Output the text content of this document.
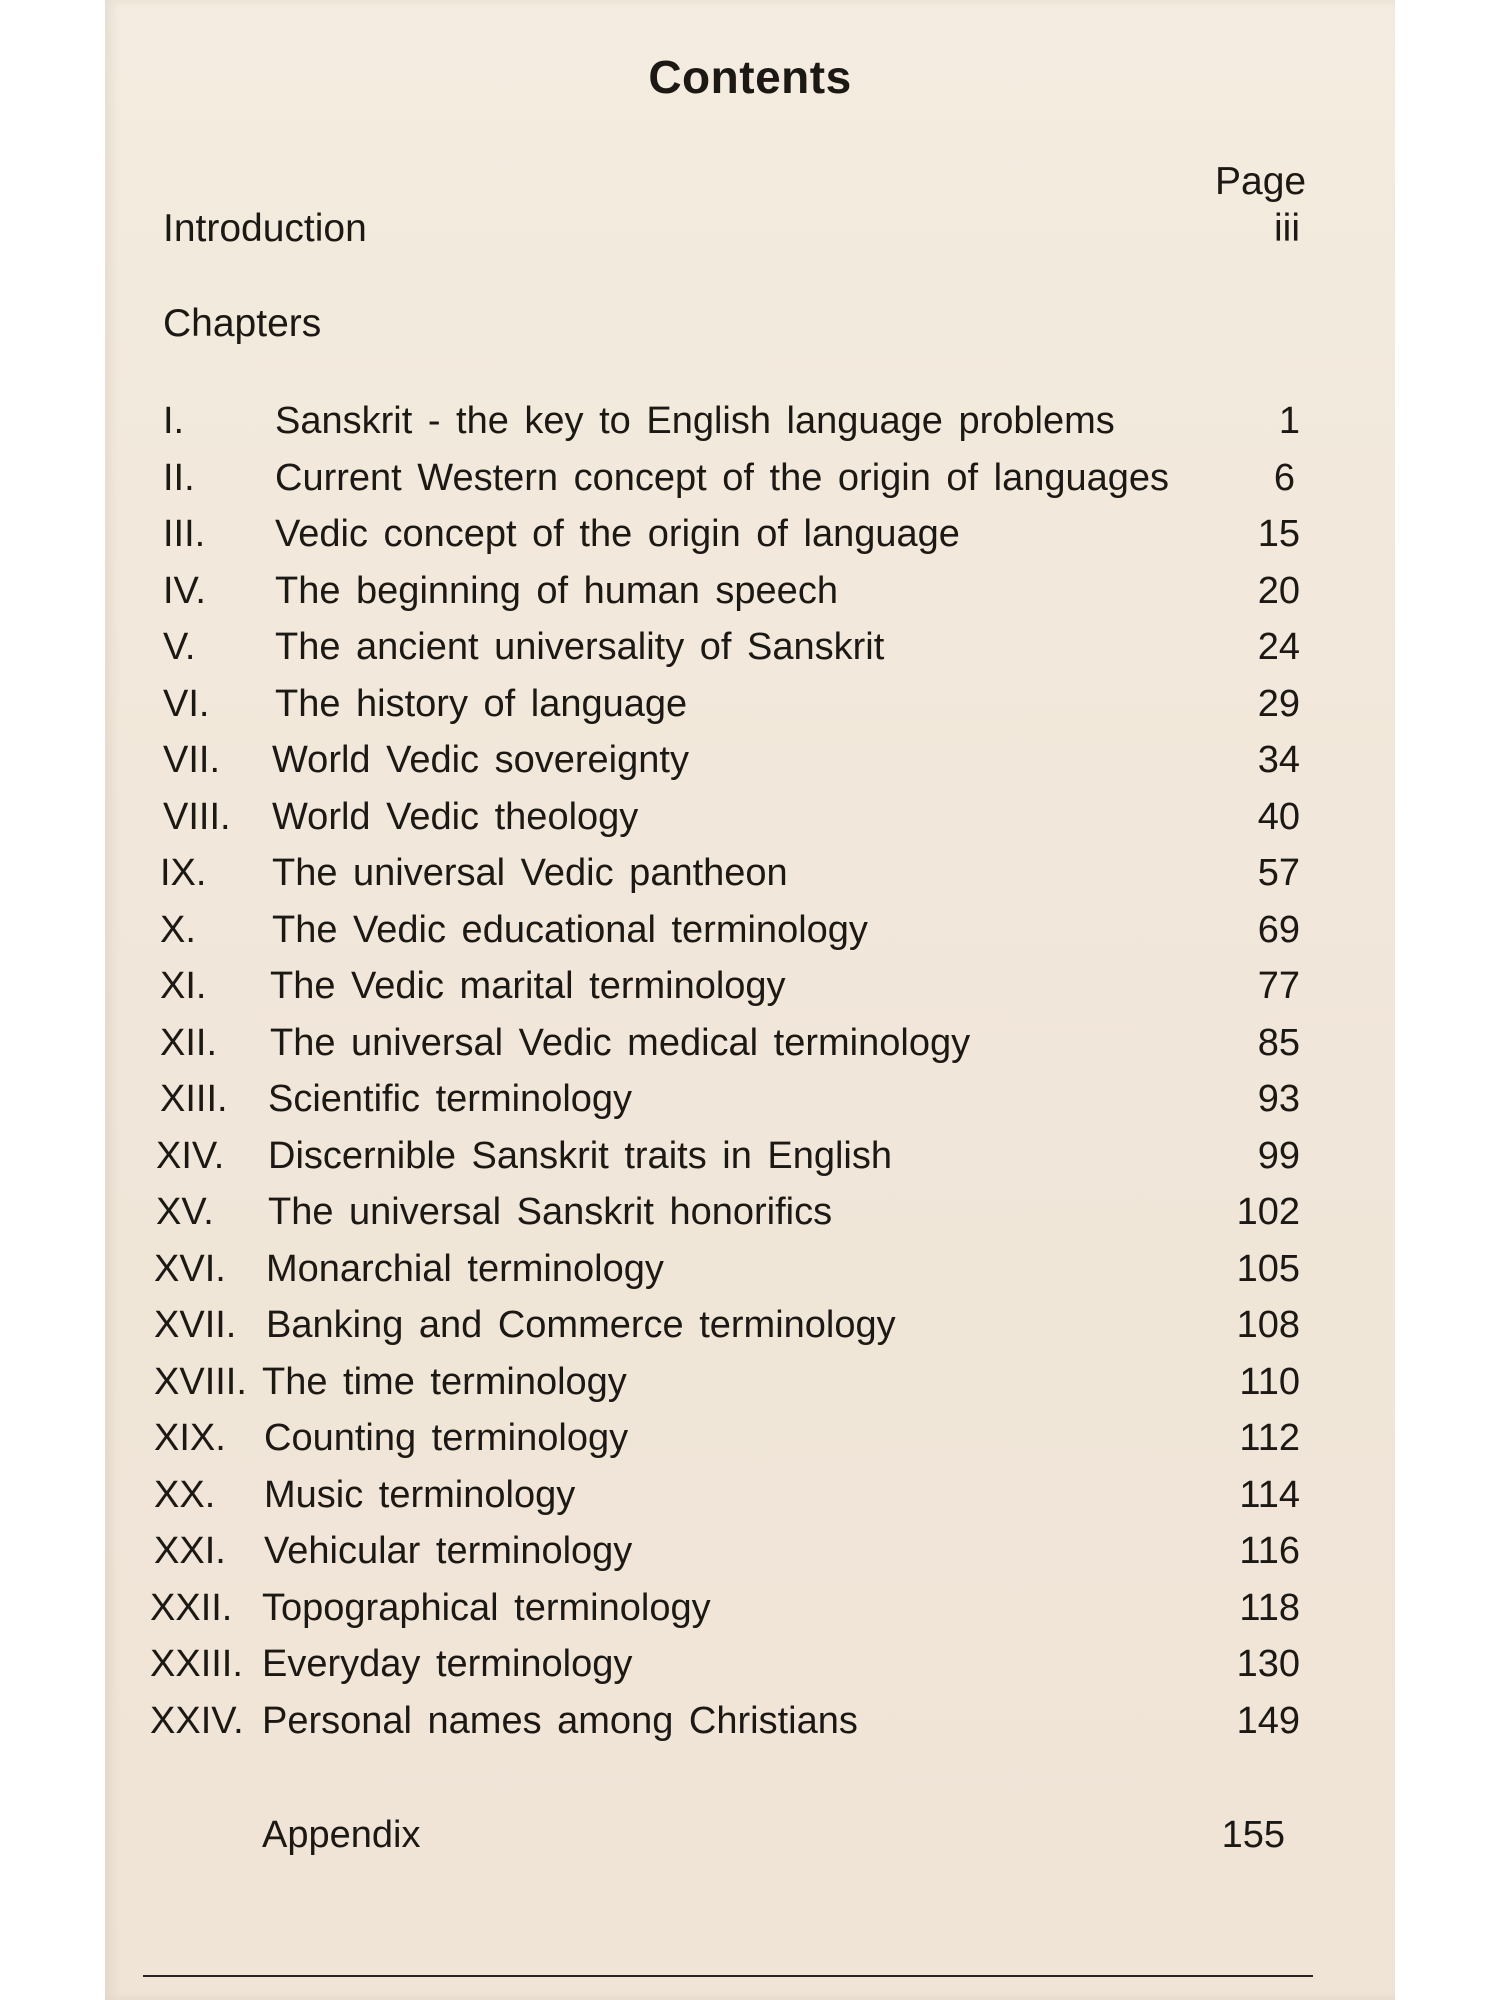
Contents
Page
Introduction	iii
Chapters
I. Sanskrit - the key to English language problems	1
II. Current Western concept of the origin of languages	6
III. Vedic concept of the origin of language	15
IV. The beginning of human speech	20
V. The ancient universality of Sanskrit	24
VI. The history of language	29
VII. World Vedic sovereignty	34
VIII. World Vedic theology	40
IX. The universal Vedic pantheon	57
X. The Vedic educational terminology	69
XI. The Vedic marital terminology	77
XII. The universal Vedic medical terminology	85
XIII. Scientific terminology	93
XIV. Discernible Sanskrit traits in English	99
XV. The universal Sanskrit honorifics	102
XVI. Monarchial terminology	105
XVII. Banking and Commerce terminology	108
XVIII. The time terminology	110
XIX. Counting terminology	112
XX. Music terminology	114
XXI. Vehicular terminology	116
XXII. Topographical terminology	118
XXIII. Everyday terminology	130
XXIV. Personal names among Christians	149
Appendix	155
